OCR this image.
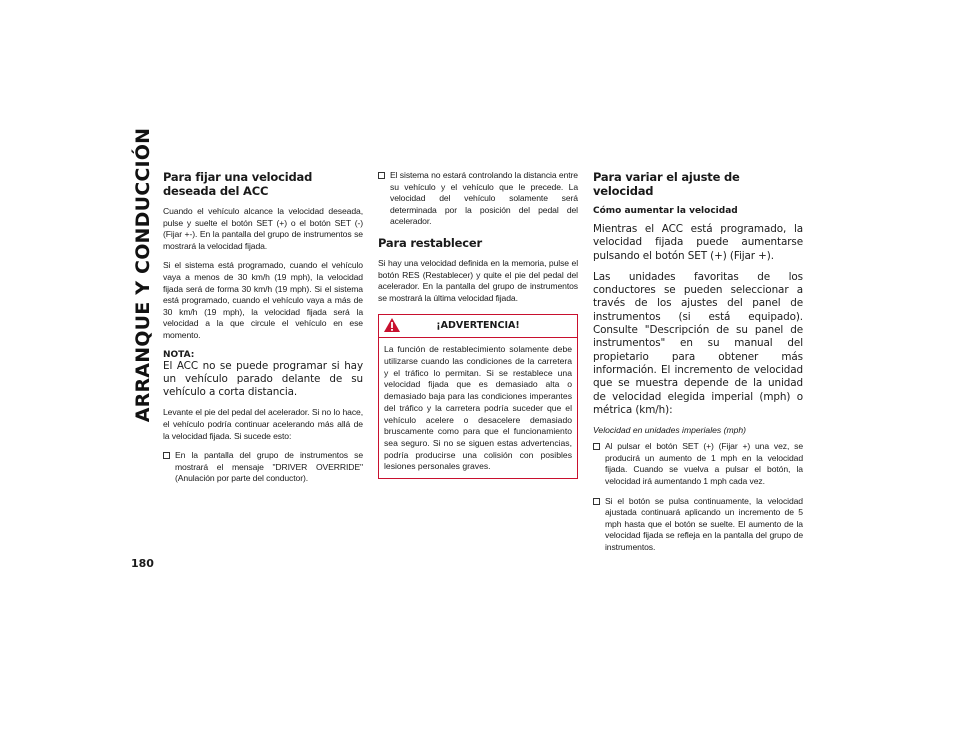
ARRANQUE Y CONDUCCIÓN
180
Para fijar una velocidad deseada del ACC

Cuando el vehículo alcance la velocidad deseada, pulse y suelte el botón SET (+) o el botón SET (-) (Fijar +-). En la pantalla del grupo de instrumentos se mostrará la velocidad fijada.

Si el sistema está programado, cuando el vehículo vaya a menos de 30 km/h (19 mph), la velocidad fijada será de forma 30 km/h (19 mph). Si el sistema está programado, cuando el vehículo vaya a más de 30 km/h (19 mph), la velocidad fijada será la velocidad a la que circule el vehículo en ese momento.

NOTA:

El ACC no se puede programar si hay un vehículo parado delante de su vehículo a corta distancia.

Levante el pie del pedal del acelerador. Si no lo hace, el vehículo podría continuar acelerando más allá de la velocidad fijada. Si sucede esto:

En la pantalla del grupo de instrumentos se mostrará el mensaje "DRIVER OVERRIDE" (Anulación por parte del conductor).
El sistema no estará controlando la distancia entre su vehículo y el vehículo que le precede. La velocidad del vehículo solamente será determinada por la posición del pedal del acelerador.
Para restablecer

Si hay una velocidad definida en la memoria, pulse el botón RES (Restablecer) y quite el pie del pedal del acelerador. En la pantalla del grupo de instrumentos se mostrará la última velocidad fijada.

¡ADVERTENCIA!
La función de restablecimiento solamente debe utilizarse cuando las condiciones de la carretera y el tráfico lo permitan. Si se restablece una velocidad fijada que es demasiado alta o demasiado baja para las condiciones imperantes del tráfico y la carretera podría suceder que el vehículo acelere o desacelere demasiado bruscamente como para que el funcionamiento sea seguro. Si no se siguen estas advertencias, podría producirse una colisión con posibles lesiones personales graves.
Para variar el ajuste de velocidad
Cómo aumentar la velocidad

Mientras el ACC está programado, la velocidad fijada puede aumentarse pulsando el botón SET (+) (Fijar +).

Las unidades favoritas de los conductores se pueden seleccionar a través de los ajustes del panel de instrumentos (si está equipado). Consulte "Descripción de su panel de instrumentos" en su manual del propietario para obtener más información. El incremento de velocidad que se muestra depende de la unidad de velocidad elegida imperial (mph) o métrica (km/h):

Velocidad en unidades imperiales (mph)

Al pulsar el botón SET (+) (Fijar +) una vez, se producirá un aumento de 1 mph en la velocidad fijada. Cuando se vuelva a pulsar el botón, la velocidad irá aumentando 1 mph cada vez.
Si el botón se pulsa continuamente, la velocidad ajustada continuará aplicando un incremento de 5 mph hasta que el botón se suelte. El aumento de la velocidad fijada se refleja en la pantalla del grupo de instrumentos.
